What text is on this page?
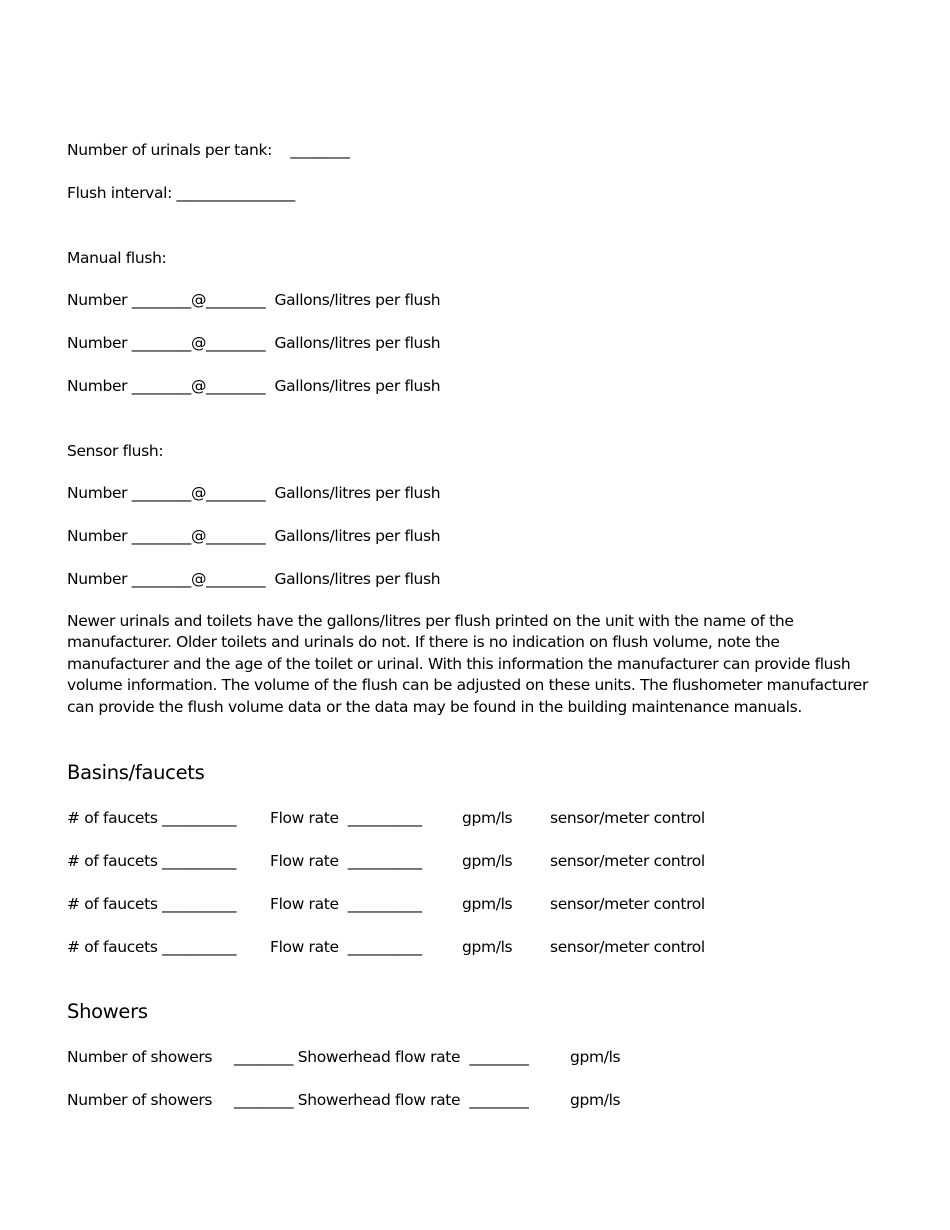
Number of urinals per tank:    ________
Flush interval: ________________
Manual flush:
Number ________@________  Gallons/litres per flush
Number ________@________  Gallons/litres per flush
Number ________@________  Gallons/litres per flush
Sensor flush:
Number ________@________  Gallons/litres per flush
Number ________@________  Gallons/litres per flush
Number ________@________  Gallons/litres per flush
Newer urinals and toilets have the gallons/litres per flush printed on the unit with the name of the
manufacturer. Older toilets and urinals do not. If there is no indication on flush volume, note the
manufacturer and the age of the toilet or urinal. With this information the manufacturer can provide flush
volume information. The volume of the flush can be adjusted on these units. The flushometer manufacturer
can provide the flush volume data or the data may be found in the building maintenance manuals.
Basins/faucets
# of faucets __________ Flow rate  __________	gpm/ls sensor/meter control
# of faucets __________ Flow rate  __________	gpm/ls sensor/meter control
# of faucets __________ Flow rate  __________	gpm/ls sensor/meter control
# of faucets __________ Flow rate  __________	gpm/ls sensor/meter control
Showers
Number of showers ________ Showerhead flow rate  ________	gpm/ls
Number of showers ________ Showerhead flow rate  ________	gpm/ls
